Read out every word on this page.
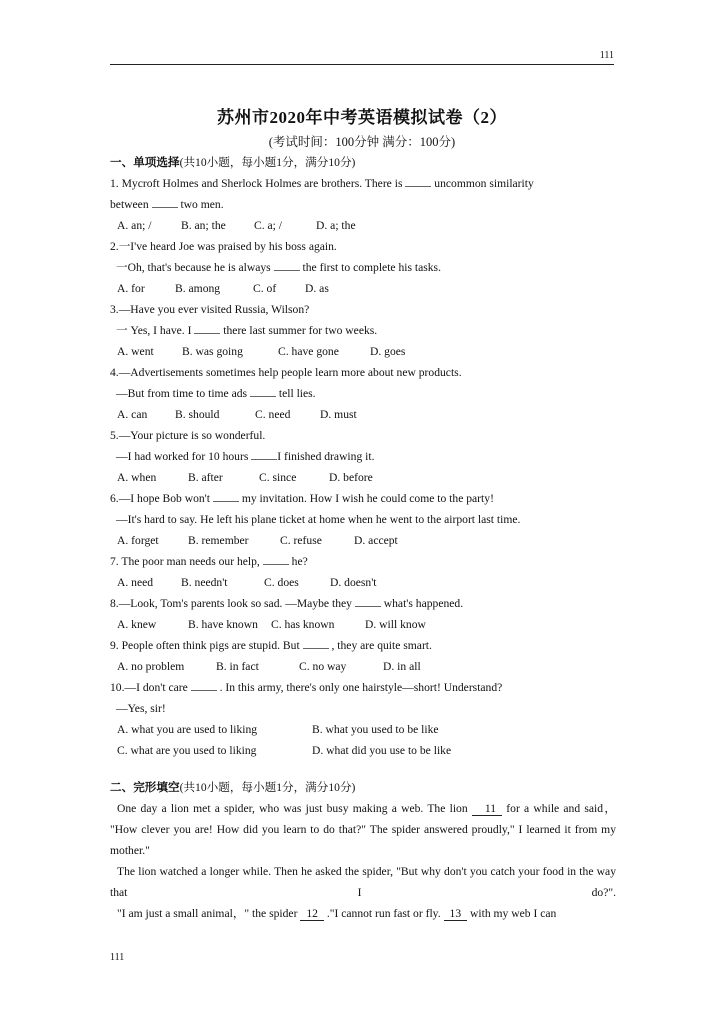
111
苏州市2020年中考英语模拟试卷（2）
(考试时间：100分钟 满分：100分)
一、单项选择(共10小题，每小题1分，满分10分)
1. Mycroft Holmes and Sherlock Holmes are brothers. There is	uncommon similarity
between	two men.
A. an; /	B. an; the	C. a; /	D. a; the
2.一I've heard Joe was praised by his boss again.
一Oh, that's because he is always	the first to complete his tasks.
A. for	B. among	C. of	D. as
3.—Have you ever visited Russia, Wilson?
一 Yes, I have. I	there last summer for two weeks.
A. went	B. was going	C. have gone	D. goes
4.—Advertisements sometimes help people learn more about new products.
—But from time to time ads	tell lies.
A. can	B. should	C. need	D. must
5.—Your picture is so wonderful.
—I had worked for 10 hours I finished drawing it.
A. when	B. after	C. since	D. before
6.—I hope Bob won't	my invitation. How I wish he could come to the party!
—It's hard to say. He left his plane ticket at home when he went to the airport last time.
A. forget	B. remember	C. refuse	D. accept
7. The poor man needs our help,	he?
A. need	B. needn't	C. does	D. doesn't
8.—Look, Tom's parents look so sad. —Maybe they	what's happened.
A. knew	B. have known	C. has known	D. will know
9. People often think pigs are stupid. But	, they are quite smart.
A. no problem	B. in fact	C. no way	D. in all
10.—I don't care	. In this army, there's only one hairstyle—short! Understand?
—Yes, sir!
A. what you are used to liking	B. what you used to be like
C. what are you used to liking	D. what did you use to be like
二、完形填空(共10小题，每小题1分，满分10分)
One day a lion met a spider, who was just busy making a web. The lion 11 for a while and said， "How clever you are! How did you learn to do that?" The spider answered proudly," I learned it from my mother."
The lion watched a longer while. Then he asked the spider, "But why don't you catch your food in the way that I do?".
"I am just a small animal，" the spider 12 ."I cannot run fast or fly. 13 with my web I can
111
